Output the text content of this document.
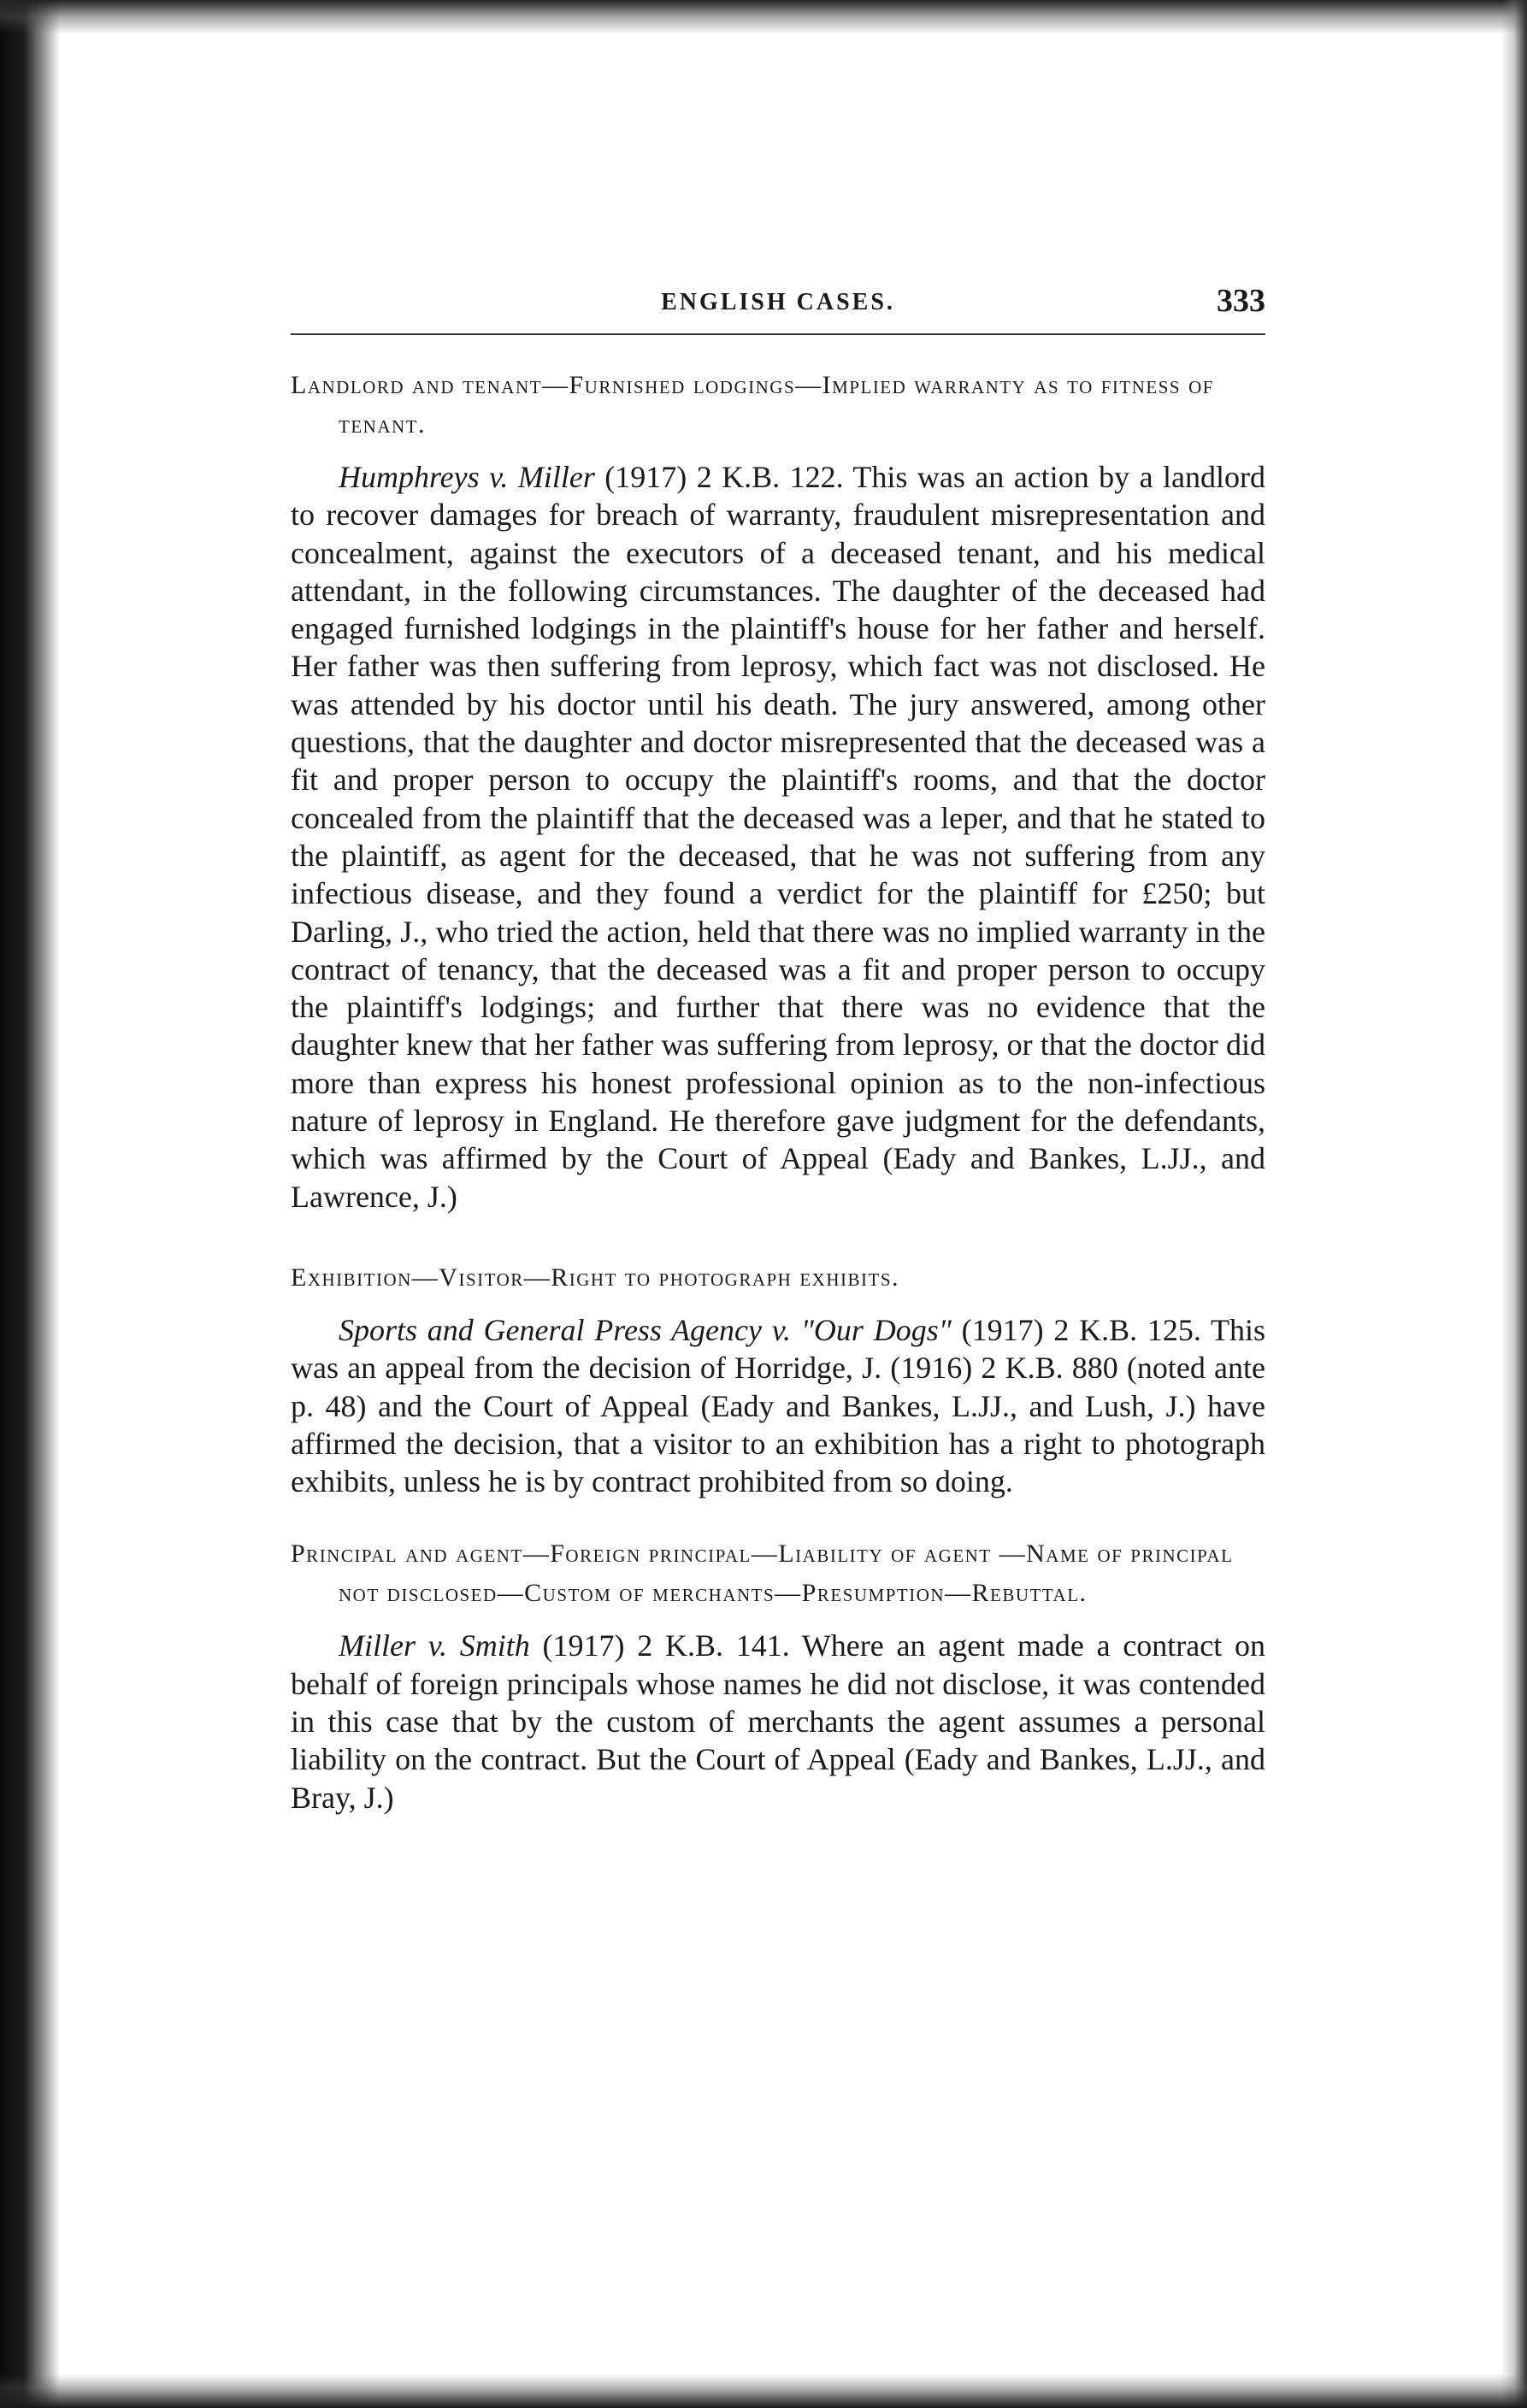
ENGLISH CASES.	333
Landlord and tenant—Furnished lodgings—Implied warranty as to fitness of tenant.
Humphreys v. Miller (1917) 2 K.B. 122. This was an action by a landlord to recover damages for breach of warranty, fraudulent misrepresentation and concealment, against the executors of a deceased tenant, and his medical attendant, in the following circumstances. The daughter of the deceased had engaged furnished lodgings in the plaintiff's house for her father and herself. Her father was then suffering from leprosy, which fact was not disclosed. He was attended by his doctor until his death. The jury answered, among other questions, that the daughter and doctor misrepresented that the deceased was a fit and proper person to occupy the plaintiff's rooms, and that the doctor concealed from the plaintiff that the deceased was a leper, and that he stated to the plaintiff, as agent for the deceased, that he was not suffering from any infectious disease, and they found a verdict for the plaintiff for £250; but Darling, J., who tried the action, held that there was no implied warranty in the contract of tenancy, that the deceased was a fit and proper person to occupy the plaintiff's lodgings; and further that there was no evidence that the daughter knew that her father was suffering from leprosy, or that the doctor did more than express his honest professional opinion as to the non-infectious nature of leprosy in England. He therefore gave judgment for the defendants, which was affirmed by the Court of Appeal (Eady and Bankes, L.JJ., and Lawrence, J.)
Exhibition—Visitor—Right to photograph exhibits.
Sports and General Press Agency v. "Our Dogs" (1917) 2 K.B. 125. This was an appeal from the decision of Horridge, J. (1916) 2 K.B. 880 (noted ante p. 48) and the Court of Appeal (Eady and Bankes, L.JJ., and Lush, J.) have affirmed the decision, that a visitor to an exhibition has a right to photograph exhibits, unless he is by contract prohibited from so doing.
Principal and agent—Foreign principal—Liability of agent —Name of principal not disclosed—Custom of merchants—Presumption—Rebuttal.
Miller v. Smith (1917) 2 K.B. 141. Where an agent made a contract on behalf of foreign principals whose names he did not disclose, it was contended in this case that by the custom of merchants the agent assumes a personal liability on the contract. But the Court of Appeal (Eady and Bankes, L.JJ., and Bray, J.)
